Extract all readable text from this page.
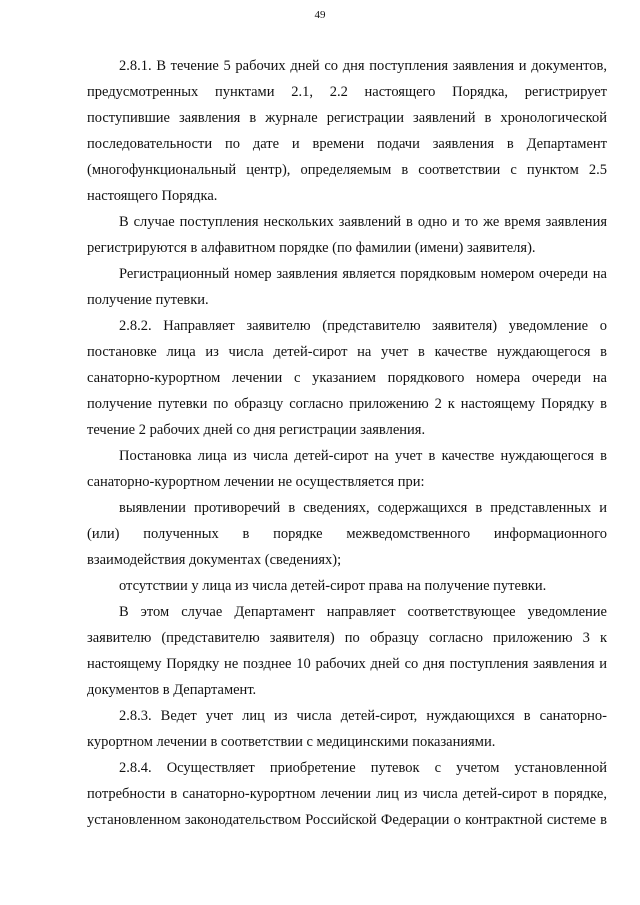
49

2.8.1. В течение 5 рабочих дней со дня поступления заявления и документов, предусмотренных пунктами 2.1, 2.2 настоящего Порядка, регистрирует поступившие заявления в журнале регистрации заявлений в хронологической последовательности по дате и времени подачи заявления в Департамент (многофункциональный центр), определяемым в соответствии с пунктом 2.5 настоящего Порядка.

В случае поступления нескольких заявлений в одно и то же время заявления регистрируются в алфавитном порядке (по фамилии (имени) заявителя).

Регистрационный номер заявления является порядковым номером очереди на получение путевки.

2.8.2. Направляет заявителю (представителю заявителя) уведомление о постановке лица из числа детей-сирот на учет в качестве нуждающегося в санаторно-курортном лечении с указанием порядкового номера очереди на получение путевки по образцу согласно приложению 2 к настоящему Порядку в течение 2 рабочих дней со дня регистрации заявления.

Постановка лица из числа детей-сирот на учет в качестве нуждающегося в санаторно-курортном лечении не осуществляется при:

выявлении противоречий в сведениях, содержащихся в представленных и (или) полученных в порядке межведомственного информационного взаимодействия документах (сведениях);

отсутствии у лица из числа детей-сирот права на получение путевки.

В этом случае Департамент направляет соответствующее уведомление заявителю (представителю заявителя) по образцу согласно приложению 3 к настоящему Порядку не позднее 10 рабочих дней со дня поступления заявления и документов в Департамент.

2.8.3. Ведет учет лиц из числа детей-сирот, нуждающихся в санаторно-курортном лечении в соответствии с медицинскими показаниями.

2.8.4. Осуществляет приобретение путевок с учетом установленной потребности в санаторно-курортном лечении лиц из числа детей-сирот в порядке, установленном законодательством Российской Федерации о контрактной системе в
